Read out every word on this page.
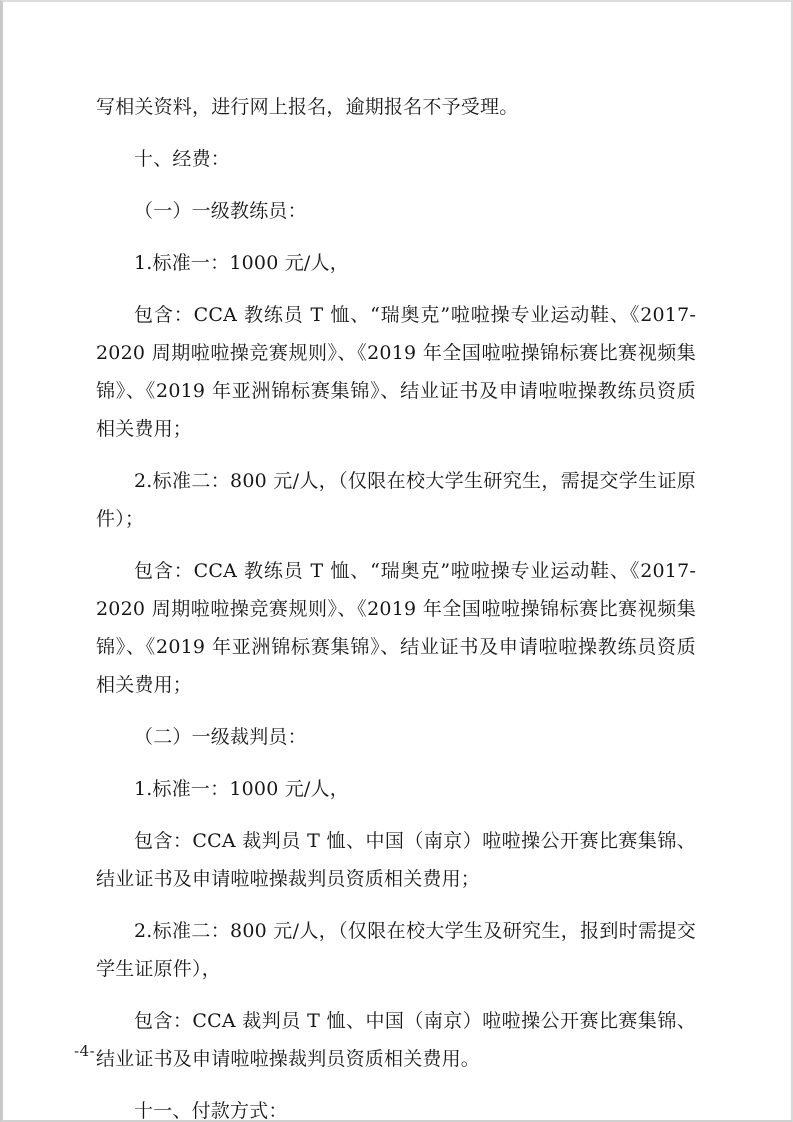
写相关资料，进行网上报名，逾期报名不予受理。

十、经费：

（一）一级教练员：

1.标准一：1000 元/人，

包含：CCA 教练员 T 恤、“瑞奥克”啦啦操专业运动鞋、《2017-2020 周期啦啦操竞赛规则》、《2019 年全国啦啦操锦标赛比赛视频集锦》、《2019 年亚洲锦标赛集锦》、结业证书及申请啦啦操教练员资质相关费用；

2.标准二：800 元/人，（仅限在校大学生研究生，需提交学生证原件）；

包含：CCA 教练员 T 恤、“瑞奥克”啦啦操专业运动鞋、《2017-2020 周期啦啦操竞赛规则》、《2019 年全国啦啦操锦标赛比赛视频集锦》、《2019 年亚洲锦标赛集锦》、结业证书及申请啦啦操教练员资质相关费用；

（二）一级裁判员：

1.标准一：1000 元/人，

包含：CCA 裁判员 T 恤、中国（南京）啦啦操公开赛比赛集锦、结业证书及申请啦啦操裁判员资质相关费用；

2.标准二：800 元/人，（仅限在校大学生及研究生，报到时需提交学生证原件），

包含：CCA 裁判员 T 恤、中国（南京）啦啦操公开赛比赛集锦、结业证书及申请啦啦操裁判员资质相关费用。

十一、付款方式：

-4-
